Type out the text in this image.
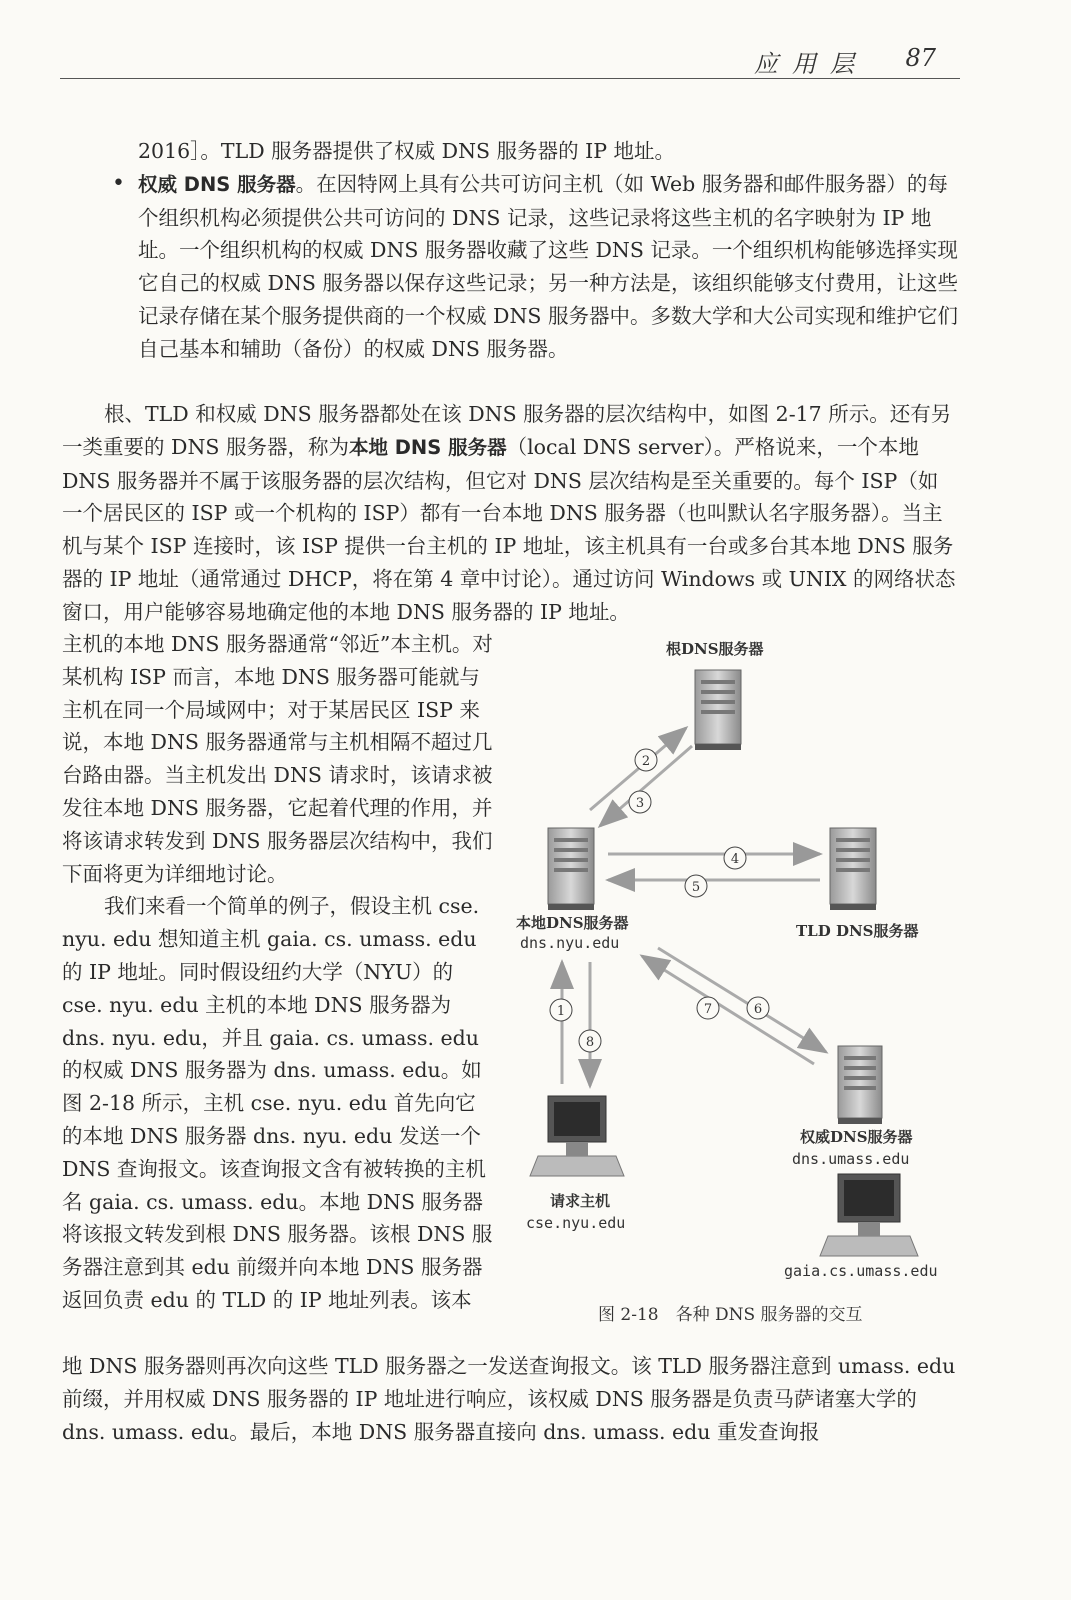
应用层 87

2016］。TLD 服务器提供了权威 DNS 服务器的 IP 地址。

• 权威 DNS 服务器。在因特网上具有公共可访问主机（如 Web 服务器和邮件服务器）的每个组织机构必须提供公共可访问的 DNS 记录，这些记录将这些主机的名字映射为 IP 地址。一个组织机构的权威 DNS 服务器收藏了这些 DNS 记录。一个组织机构能够选择实现它自己的权威 DNS 服务器以保存这些记录；另一种方法是，该组织能够支付费用，让这些记录存储在某个服务提供商的一个权威 DNS 服务器中。多数大学和大公司实现和维护它们自己基本和辅助（备份）的权威 DNS 服务器。

根、TLD 和权威 DNS 服务器都处在该 DNS 服务器的层次结构中，如图 2-17 所示。还有另一类重要的 DNS 服务器，称为本地 DNS 服务器（local DNS server）。严格说来，一个本地 DNS 服务器并不属于该服务器的层次结构，但它对 DNS 层次结构是至关重要的。每个 ISP（如一个居民区的 ISP 或一个机构的 ISP）都有一台本地 DNS 服务器（也叫默认名字服务器）。当主机与某个 ISP 连接时，该 ISP 提供一台主机的 IP 地址，该主机具有一台或多台其本地 DNS 服务器的 IP 地址（通常通过 DHCP，将在第 4 章中讨论）。通过访问 Windows 或 UNIX 的网络状态窗口，用户能够容易地确定他的本地 DNS 服务器的 IP 地址。

主机的本地 DNS 服务器通常“邻近”本主机。对某机构 ISP 而言，本地 DNS 服务器可能就与主机在同一个局域网中；对于某居民区 ISP 来说，本地 DNS 服务器通常与主机相隔不超过几台路由器。当主机发出 DNS 请求时，该请求被发往本地 DNS 服务器，它起着代理的作用，并将该请求转发到 DNS 服务器层次结构中，我们下面将更为详细地讨论。

我们来看一个简单的例子，假设主机 cse. nyu. edu 想知道主机 gaia. cs. umass. edu 的 IP 地址。同时假设纽约大学（NYU）的 cse. nyu. edu 主机的本地 DNS 服务器为 dns. nyu. edu，并且 gaia. cs. umass. edu 的权威 DNS 服务器为 dns. umass. edu。如图 2-18 所示，主机 cse. nyu. edu 首先向它的本地 DNS 服务器 dns. nyu. edu 发送一个 DNS 查询报文。该查询报文含有被转换的主机名 gaia. cs. umass. edu。本地 DNS 服务器将该报文转发到根 DNS 服务器。该根 DNS 服务器注意到其 edu 前缀并向本地 DNS 服务器返回负责 edu 的 TLD 的 IP 地址列表。该本

2
3
4
5
6
7
1
8
根DNS服务器
本地DNS服务器
dns.nyu.edu
TLD DNS服务器
权威DNS服务器
dns.umass.edu
请求主机
cse.nyu.edu
gaia.cs.umass.edu
图 2-18　各种 DNS 服务器的交互

地 DNS 服务器则再次向这些 TLD 服务器之一发送查询报文。该 TLD 服务器注意到 umass. edu 前缀，并用权威 DNS 服务器的 IP 地址进行响应，该权威 DNS 服务器是负责马萨诸塞大学的 dns. umass. edu。最后，本地 DNS 服务器直接向 dns. umass. edu 重发查询报
